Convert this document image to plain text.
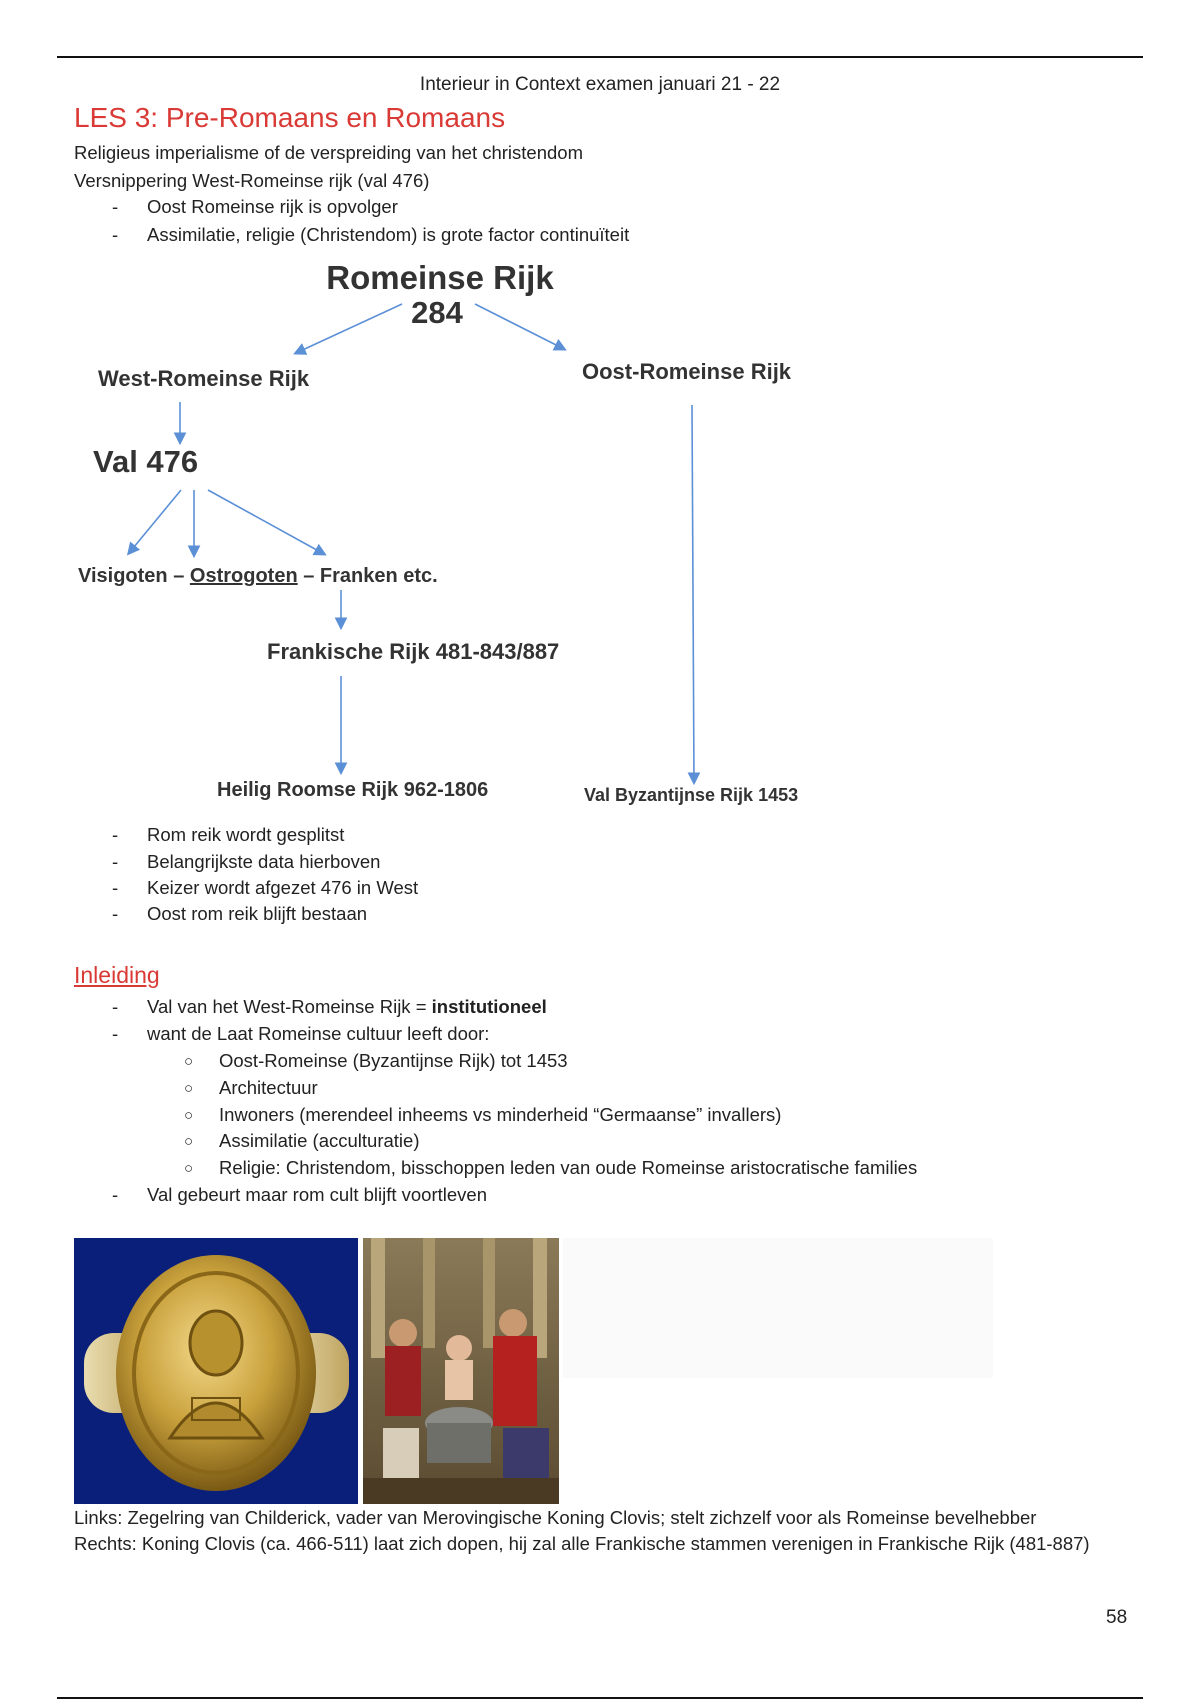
Interieur in Context examen januari 21 - 22
LES 3: Pre-Romaans en Romaans
Religieus imperialisme of de verspreiding van het christendom
Versnippering West-Romeinse rijk (val 476)
- Oost Romeinse rijk is opvolger
- Assimilatie, religie (Christendom) is grote factor continuïteit
Romeinse Rijk
284
West-Romeinse Rijk	Oost-Romeinse Rijk
Val 476
Visigoten – Ostrogoten – Franken etc.
Frankische Rijk 481-843/887
Heilig Roomse Rijk 962-1806	Val Byzantijnse Rijk 1453
- Rom reik wordt gesplitst
- Belangrijkste data hierboven
- Keizer wordt afgezet 476 in West
- Oost rom reik blijft bestaan
Inleiding
- Val van het West-Romeinse Rijk = institutioneel
- want de Laat Romeinse cultuur leeft door:
○ Oost-Romeinse (Byzantijnse Rijk) tot 1453
○ Architectuur
○ Inwoners (merendeel inheems vs minderheid “Germaanse” invallers)
○ Assimilatie (acculturatie)
○ Religie: Christendom, bisschoppen leden van oude Romeinse aristocratische families
- Val gebeurt maar rom cult blijft voortleven
Links: Zegelring van Childerick, vader van Merovingische Koning Clovis; stelt zichzelf voor als Romeinse bevelhebber
Rechts: Koning Clovis (ca. 466-511) laat zich dopen, hij zal alle Frankische stammen verenigen in Frankische Rijk (481-887)
58
